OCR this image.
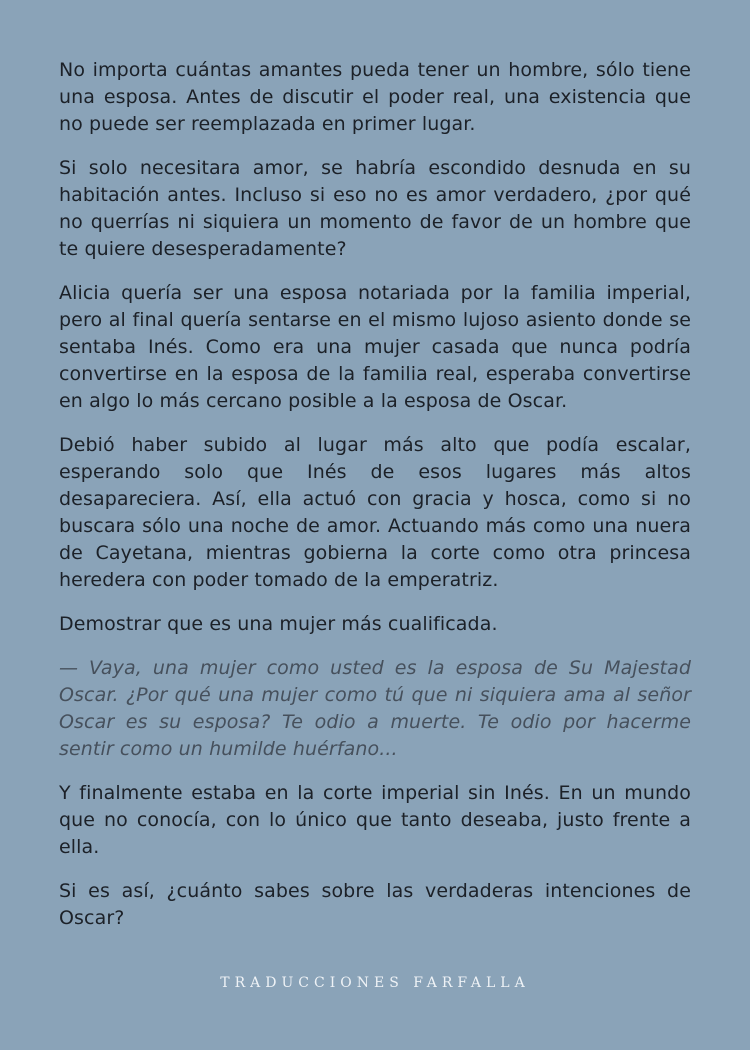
No importa cuántas amantes pueda tener un hombre, sólo tiene una esposa. Antes de discutir el poder real, una existencia que no puede ser reemplazada en primer lugar.

Si solo necesitara amor, se habría escondido desnuda en su habitación antes. Incluso si eso no es amor verdadero, ¿por qué no querrías ni siquiera un momento de favor de un hombre que te quiere desesperadamente?

Alicia quería ser una esposa notariada por la familia imperial, pero al final quería sentarse en el mismo lujoso asiento donde se sentaba Inés. Como era una mujer casada que nunca podría convertirse en la esposa de la familia real, esperaba convertirse en algo lo más cercano posible a la esposa de Oscar.

Debió haber subido al lugar más alto que podía escalar, esperando solo que Inés de esos lugares más altos desapareciera. Así, ella actuó con gracia y hosca, como si no buscara sólo una noche de amor. Actuando más como una nuera de Cayetana, mientras gobierna la corte como otra princesa heredera con poder tomado de la emperatriz.

Demostrar que es una mujer más cualificada.

— Vaya, una mujer como usted es la esposa de Su Majestad Oscar. ¿Por qué una mujer como tú que ni siquiera ama al señor Oscar es su esposa? Te odio a muerte. Te odio por hacerme sentir como un humilde huérfano...

Y finalmente estaba en la corte imperial sin Inés. En un mundo que no conocía, con lo único que tanto deseaba, justo frente a ella.

Si es así, ¿cuánto sabes sobre las verdaderas intenciones de Oscar?

TRADUCCIONES FARFALLA
